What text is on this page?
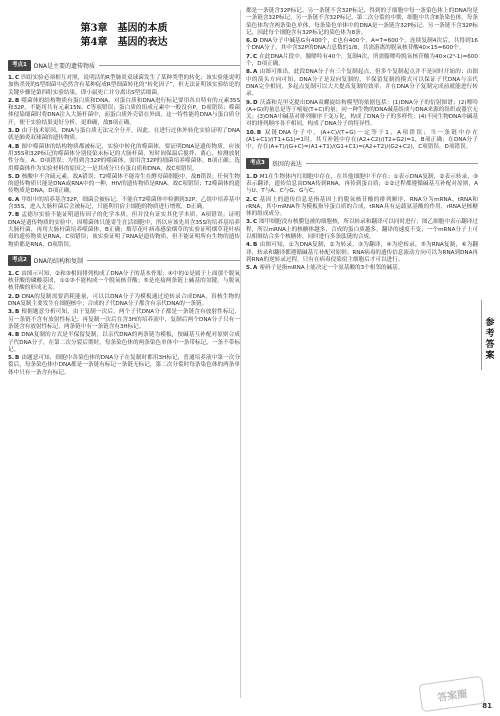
第3章　基因的本质
第4章　基因的表达
考点1	DNA是主要的遗传物质
1.C 四组实验必须相互对照，说明活的R型肺炎双球菌发生了某种类型的转化；该实验能说明加热杀死的S型细菌中必然含有某种促成R型细菌转化的“转化因子”，但无法证明该实验结论的关键步骤是第四组实验结果，即小鼠死亡并分离出S型活细菌。
2.B 噬菌体的结构物质有蛋白质和DNA，对蛋白质和DNA进行标记要用各自特有的元素35S和32P，不能用共有元素15N、C等项错误；蛋白质的组成元素中一般没有P，D项错误；噬菌体侵染细菌时将DNA注入大肠杆菌中，而蛋白质外壳留在外面，这一特性能将DNA与蛋白质分开，便于实验结果更好分析，更准确，故B项正确。
3.D 由于技术原因，DNA与蛋白质无法完全分开，因此，在进行过体外转化实验证明了DNA就是肺炎双球菌的遗传物质。
4.B 图中噬菌体的结构物质都被标记，实验中转化的噬菌体，要证明DNA是遗传物质，应该用35S和32P标记的噬菌体分别侵染未标记的大肠杆菌，短时间保温后搅拌、离心，检测放射性分布，A、D项错误；为得到含32P的噬菌体，需用含32P的细菌培养噬菌体，B项正确；选用噬菌体作为实验材料的原因之一是其成分只有蛋白质和DNA，故C项错误。
5.D 核酸中不含硫元素，故A错误；T2噬菌体不能寄生在酵母菌细胞中，故B错误；任何生物的遗传物质只能是DNA或RNA中的一种，HIV的遗传物质是RNA，故C项错误；T2噬菌体的遗传物质是DNA，D项正确。
6.A 甲组中的培养基含32P，细菌会被标记，不能在T2噬菌体中检测到32P，乙组中培养基中含35S，进入大肠杆菌后会被标记，只能利用宿主细胞的物质进行增殖，D正确。
7.B 孟德尔实验不能证明遗传因子的化学本质，但并没有证实其化学本质，A项错误；证明DNA是遗传物质的实验中，因噬菌体只能寄生在活细胞中，所以应该先用含35S的培养基培养大肠杆菌，再用大肠杆菌培养噬菌体，B正确；烟草花叶病毒感染烟草的实验证明烟草花叶病毒的遗传物质是RNA，C项错误；该实验证明了RNA是遗传物质，但不能证明所有生物的遗传物质都是RNA，D项错误。
考点2	DNA的结构和复制
1.C 由图示可知，②和③相间排列构成了DNA分子的基本骨架；④中的①是属于上面那个脱氧核苷酸的磷酸基团，①②③不能构成一个脱氧核苷酸；⑤是连接两条链上碱基的氢键，与脱氧核苷酸的形成无关。
2.D DNA的复制需要消耗能量，可以以DNA分子为模板通过逆转录合成DNA，真核生物的DNA复制主要发生在细胞核中；合成的子代DNA分子都含有亲代DNA的一条链。
3.B 根据题意分析可知，由于复制一次后，两个子代DNA分子都是一条链含有放射性标记，另一条链不含有放射性标记；再复制一次后在含3H的培养液中，复制后两个DNA分子只有一条链含有放射性标记，两条链中有一条链含有3H标记。
4.B DNA复制的方式是半保留复制，以亲代DNA的两条链为模板，按碱基互补配对原则合成子代DNA分子，在第二次分裂后期时，每条染色体的两条染色单体中一条带标记，一条不带标记。
5.B 由题意可知，细胞中各染色体的DNA分子在复制时都用3H标记，普通培养液中第一次分裂后，每条染色体中DNA都是一条链有标记一条链无标记，第二次分裂时每条染色体的两条单体中只有一条含有标记。
都是一条链含32P标记、另一条链不含32P标记，得到的子细胞中每一条染色体上的DNA均是一条链含32P标记，另一条链不含32P标记，第二次分裂的中期，细胞中共含8条染色体，每条染色体均含两条染色单体，每条染色单体中的DNA是一条链含32P标记、另一条链不含32P标记，因此每个细胞含有32P标记的染色体为8条。
6.D DNA分子中碱基G有400个，C也有400个，A=T=600个，连续复制4次后，共得到16个DNA分子，其中含32P的DNA占总数的1/8，共需游离的脱氧核苷酸40×15=600个。
7.C 在此DNA片段中，腺嘌呤有40个，复制4次，所需腺嘌呤脱氧核苷酸为40×(2⁴-1)=600个，D项正确。
8.A 由图可推出，此段DNA分子有三个复制起点，但多个复制起点并不是同时开始的；由图中的箭头方向可知，DNA分子是双向复制的，半保留复制的模式可以保证子代DNA与亲代DNA完全相同，多起点复制可以大大提高复制的效率，并在DNA分子复制完成前就能进行转录。
9.D 沃森和克里克提出DNA双螺旋结构模型的依据包括：(1)DNA分子的衍射图谱；(2)嘌呤(A+G)的量总是等于嘧啶(T+C)的量；同一种生物的DNA碱基组成与DNA来源的组织或器官无关；(3)DNA中碱基对排列顺序千变万化，构成了DNA分子的多样性；(4)不同生物DNA中碱基对的排列顺序各不相同，构成了DNA分子的特异性。
10.B 双链DNA分子中，(A+C)/(T+G)一定等于1，A项错误；当一条链中存在(A1+C1)/(T1+G1)=1时，其互补链中存在(A2+C2)/(T2+G2)=1，B项正确；在DNA分子中，存在(A+T)/(G+C)=(A1+T1)/(G1+C1)=(A2+T2)/(G2+C2)，C项错误、D项错误。
考点3	基因的表达
1.D M1在生物体内红细胞中存在，在其他细胞中不存在；①表示DNA复制，②表示转录，③表示翻译，遗传信息由DNA传到RNA，再传到蛋白质；①②过程都遵循碱基互补配对原则，A与U、T与A、C与G、G与C。
2.C 基因上的遗传信息是指基因上的脱氧核苷酸的排列顺序，RNA分为mRNA、tRNA和rRNA，其中mRNA作为模板指导蛋白质的合成，tRNA具有运载氨基酸的作用，rRNA是核糖体的组成成分。
3.C 图甲细胞没有核膜包被的细胞核，所以转录和翻译可以同时进行；图乙细胞中表示翻译过程，所以mRNA上的核糖体越多，合成的蛋白质越多，翻译的速度不变；一个mRNA分子上可以相继结合多个核糖体，同时进行多条肽链的合成。
4.B 由图可知，①为DNA复制，②为转录，③为翻译，④为逆转录，⑤为RNA复制，⑥为翻译，转录和翻译都遵循碱基互补配对原则；RNA病毒的遗传信息流动方向可以为RNA到DNA再到RNA的逆转录过程，只有在病毒侵染宿主细胞后才可以进行。
5.A 密码子是指mRNA上能决定一个氨基酸的3个相邻的碱基。
参
考
答
案
81
答案圈
